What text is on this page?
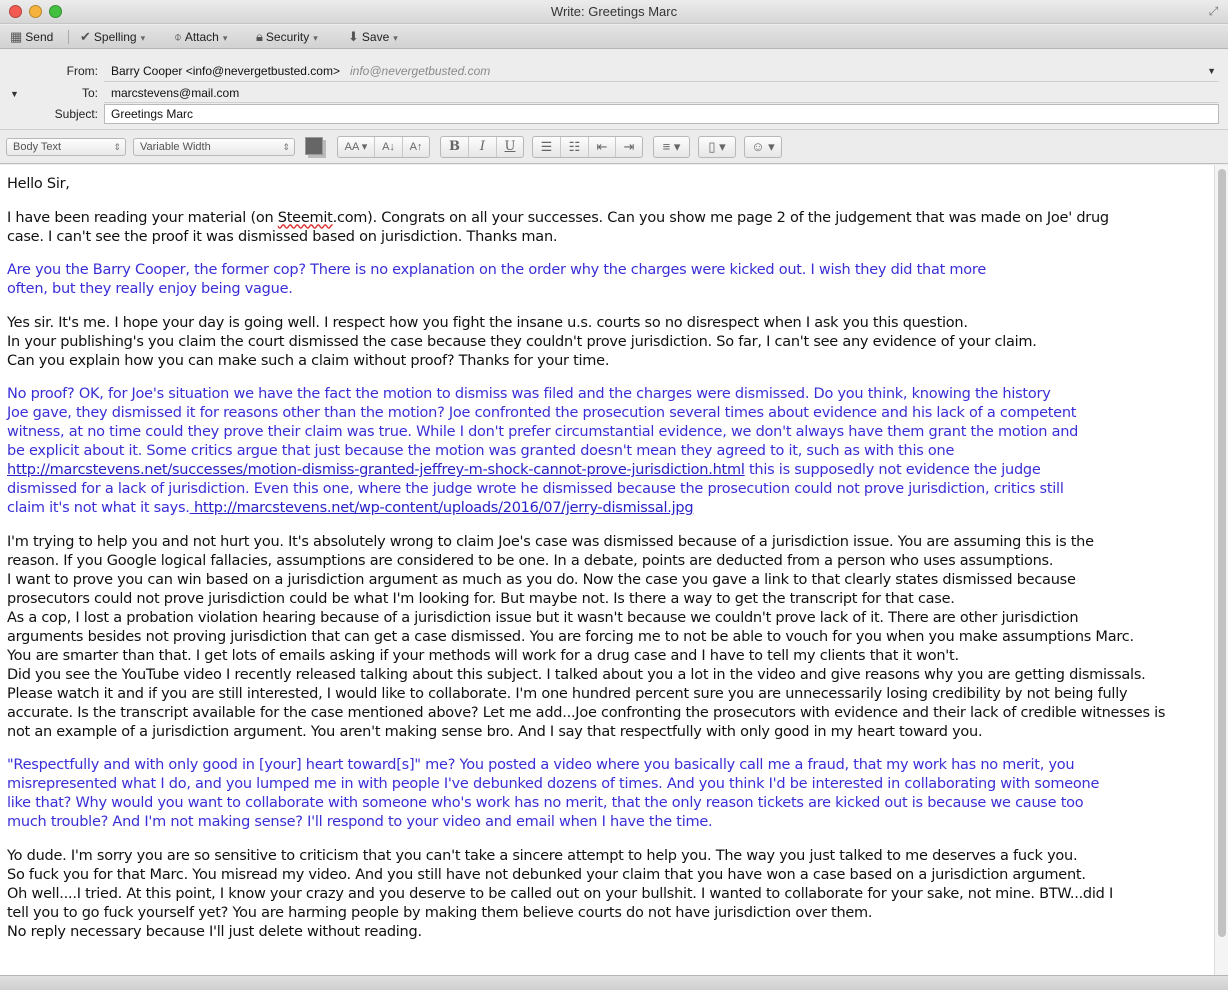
Write: Greetings Marc	⤢
▦ Send ✔ Spelling ▾ ⌽ Attach ▾ 🔒︎ Security ▾ ⬇ Save ▾
From: Barry Cooper <info@nevergetbusted.com> info@nevergetbusted.com	▼
▼	To: marcstevens@mail.com
Subject:	Greetings Marc
Body Text	⇕	Variable Width	⇕	AA ▾	A↓	A↑	B	I	U	☰	☷	⇤	⇥	≡ ▾	▯ ▾	☺ ▾
Hello Sir,
I have been reading your material (on Steemit.com). Congrats on all your successes. Can you show me page 2 of the judgement that was made on Joe' drug
case. I can't see the proof it was dismissed based on jurisdiction. Thanks man.
Are you the Barry Cooper, the former cop? There is no explanation on the order why the charges were kicked out. I wish they did that more
often, but they really enjoy being vague.
Yes sir. It's me. I hope your day is going well. I respect how you fight the insane u.s. courts so no disrespect when I ask you this question.
In your publishing's you claim the court dismissed the case because they couldn't prove jurisdiction. So far, I can't see any evidence of your claim.
Can you explain how you can make such a claim without proof? Thanks for your time.
No proof? OK, for Joe's situation we have the fact the motion to dismiss was filed and the charges were dismissed. Do you think, knowing the history
Joe gave, they dismissed it for reasons other than the motion? Joe confronted the prosecution several times about evidence and his lack of a competent
witness, at no time could they prove their claim was true. While I don't prefer circumstantial evidence, we don't always have them grant the motion and
be explicit about it. Some critics argue that just because the motion was granted doesn't mean they agreed to it, such as with this one
http://marcstevens.net/successes/motion-dismiss-granted-jeffrey-m-shock-cannot-prove-jurisdiction.html this is supposedly not evidence the judge
dismissed for a lack of jurisdiction. Even this one, where the judge wrote he dismissed because the prosecution could not prove jurisdiction, critics still
claim it's not what it says. http://marcstevens.net/wp-content/uploads/2016/07/jerry-dismissal.jpg
I'm trying to help you and not hurt you. It's absolutely wrong to claim Joe's case was dismissed because of a jurisdiction issue. You are assuming this is the
reason. If you Google logical fallacies, assumptions are considered to be one. In a debate, points are deducted from a person who uses assumptions.
I want to prove you can win based on a jurisdiction argument as much as you do. Now the case you gave a link to that clearly states dismissed because
prosecutors could not prove jurisdiction could be what I'm looking for. But maybe not. Is there a way to get the transcript for that case.
As a cop, I lost a probation violation hearing because of a jurisdiction issue but it wasn't because we couldn't prove lack of it. There are other jurisdiction
arguments besides not proving jurisdiction that can get a case dismissed. You are forcing me to not be able to vouch for you when you make assumptions Marc.
You are smarter than that. I get lots of emails asking if your methods will work for a drug case and I have to tell my clients that it won't.
Did you see the YouTube video I recently released talking about this subject. I talked about you a lot in the video and give reasons why you are getting dismissals.
Please watch it and if you are still interested, I would like to collaborate. I'm one hundred percent sure you are unnecessarily losing credibility by not being fully
accurate. Is the transcript available for the case mentioned above? Let me add...Joe confronting the prosecutors with evidence and their lack of credible witnesses is
not an example of a jurisdiction argument. You aren't making sense bro. And I say that respectfully with only good in my heart toward you.
"Respectfully and with only good in [your] heart toward[s]" me? You posted a video where you basically call me a fraud, that my work has no merit, you
misrepresented what I do, and you lumped me in with people I've debunked dozens of times. And you think I'd be interested in collaborating with someone
like that? Why would you want to collaborate with someone who's work has no merit, that the only reason tickets are kicked out is because we cause too
much trouble? And I'm not making sense? I'll respond to your video and email when I have the time.
Yo dude. I'm sorry you are so sensitive to criticism that you can't take a sincere attempt to help you. The way you just talked to me deserves a fuck you.
So fuck you for that Marc. You misread my video. And you still have not debunked your claim that you have won a case based on a jurisdiction argument.
Oh well....I tried. At this point, I know your crazy and you deserve to be called out on your bullshit. I wanted to collaborate for your sake, not mine. BTW...did I
tell you to go fuck yourself yet? You are harming people by making them believe courts do not have jurisdiction over them.
No reply necessary because I'll just delete without reading.
